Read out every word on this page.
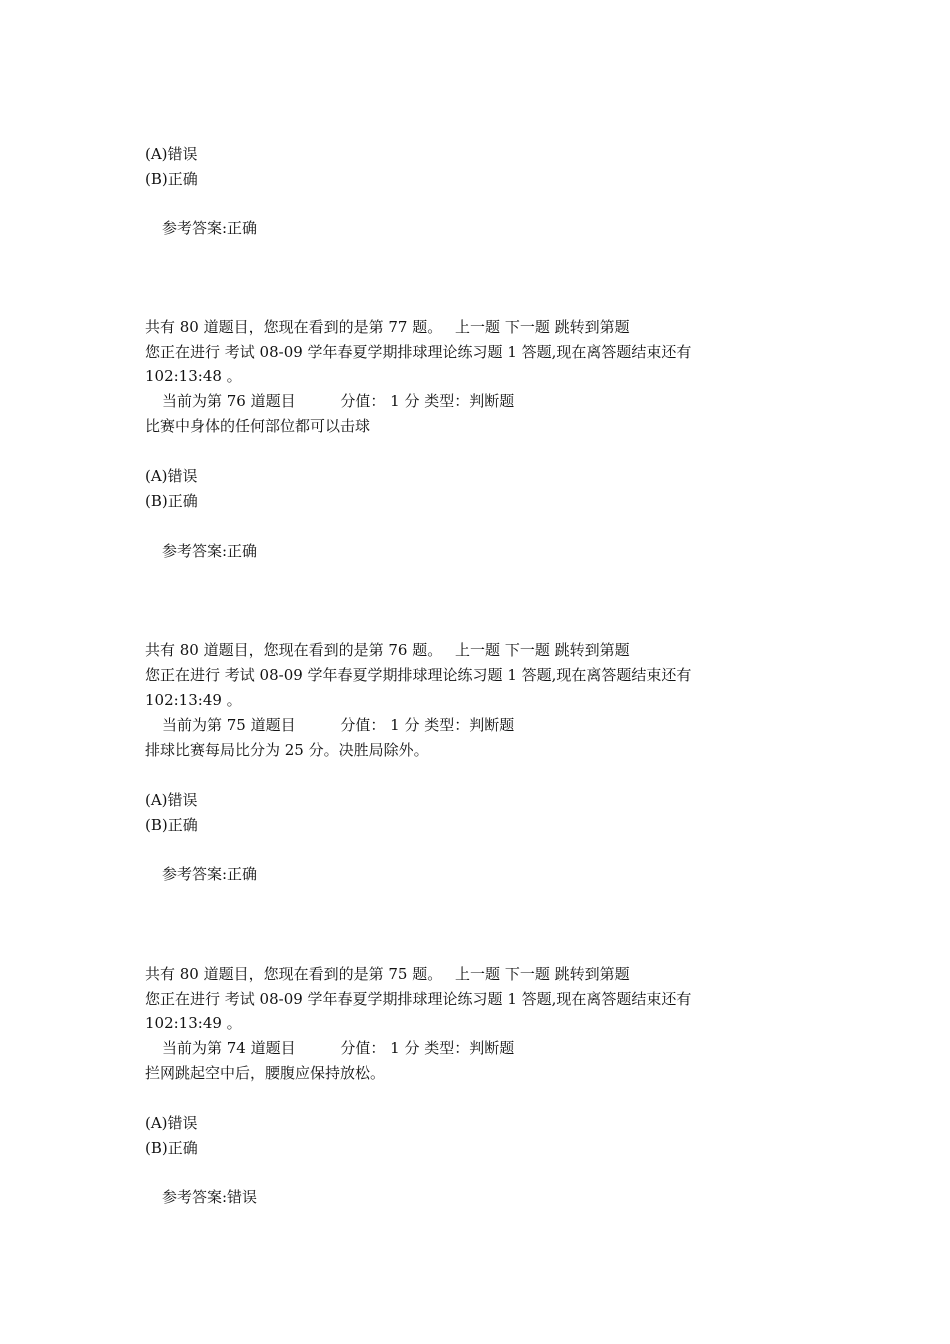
(A)错误
(B)正确
参考答案:正确
共有 80 道题目，您现在看到的是第 77 题。 上一题 下一题 跳转到第题
您正在进行 考试 08-09 学年春夏学期排球理论练习题 1 答题,现在离答题结束还有
102:13:48 。
当前为第 76 道题目	分值： 1 分 类型：判断题
比赛中身体的任何部位都可以击球
(A)错误
(B)正确
参考答案:正确
共有 80 道题目，您现在看到的是第 76 题。 上一题 下一题 跳转到第题
您正在进行 考试 08-09 学年春夏学期排球理论练习题 1 答题,现在离答题结束还有
102:13:49 。
当前为第 75 道题目	分值： 1 分 类型：判断题
排球比赛每局比分为 25 分。决胜局除外。
(A)错误
(B)正确
参考答案:正确
共有 80 道题目，您现在看到的是第 75 题。 上一题 下一题 跳转到第题
您正在进行 考试 08-09 学年春夏学期排球理论练习题 1 答题,现在离答题结束还有
102:13:49 。
当前为第 74 道题目	分值： 1 分 类型：判断题
拦网跳起空中后，腰腹应保持放松。
(A)错误
(B)正确
参考答案:错误
